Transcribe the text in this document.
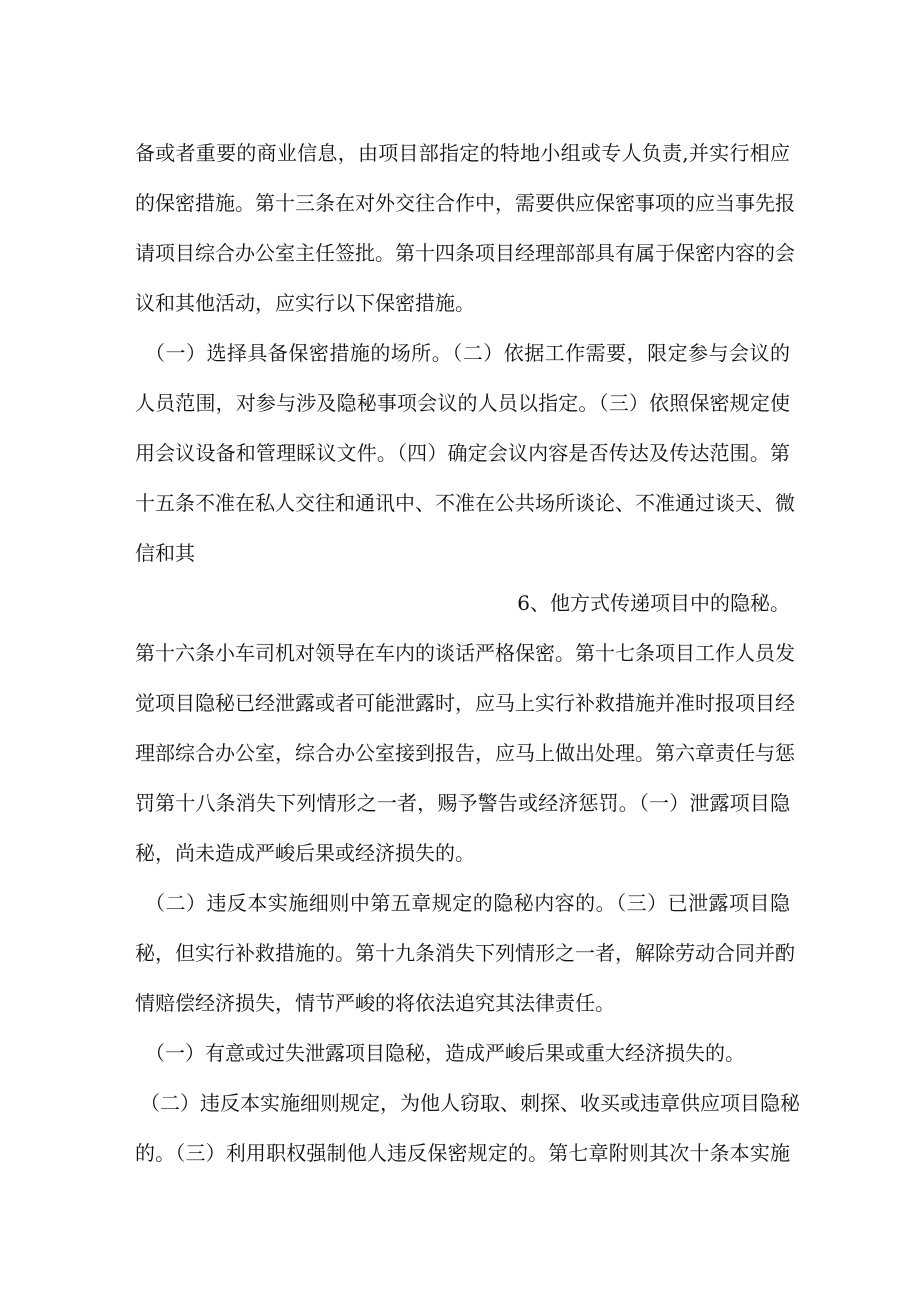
备或者重要的商业信息，由项目部指定的特地小组或专人负责,并实行相应
的保密措施。第十三条在对外交往合作中，需要供应保密事项的应当事先报
请项目综合办公室主任签批。第十四条项目经理部部具有属于保密内容的会
议和其他活动，应实行以下保密措施。
（一）选择具备保密措施的场所。（二）依据工作需要，限定参与会议的
人员范围，对参与涉及隐秘事项会议的人员以指定。（三）依照保密规定使
用会议设备和管理睬议文件。（四）确定会议内容是否传达及传达范围。第
十五条不准在私人交往和通讯中、不准在公共场所谈论、不准通过谈天、微
信和其
6、他方式传递项目中的隐秘。
第十六条小车司机对领导在车内的谈话严格保密。第十七条项目工作人员发
觉项目隐秘已经泄露或者可能泄露时，应马上实行补救措施并准时报项目经
理部综合办公室，综合办公室接到报告，应马上做出处理。第六章责任与惩
罚第十八条消失下列情形之一者，赐予警告或经济惩罚。（一）泄露项目隐
秘，尚未造成严峻后果或经济损失的。
（二）违反本实施细则中第五章规定的隐秘内容的。（三）已泄露项目隐
秘，但实行补救措施的。第十九条消失下列情形之一者，解除劳动合同并酌
情赔偿经济损失，情节严峻的将依法追究其法律责任。
（一）有意或过失泄露项目隐秘，造成严峻后果或重大经济损失的。
（二）违反本实施细则规定，为他人窃取、刺探、收买或违章供应项目隐秘
的。（三）利用职权强制他人违反保密规定的。第七章附则其次十条本实施
